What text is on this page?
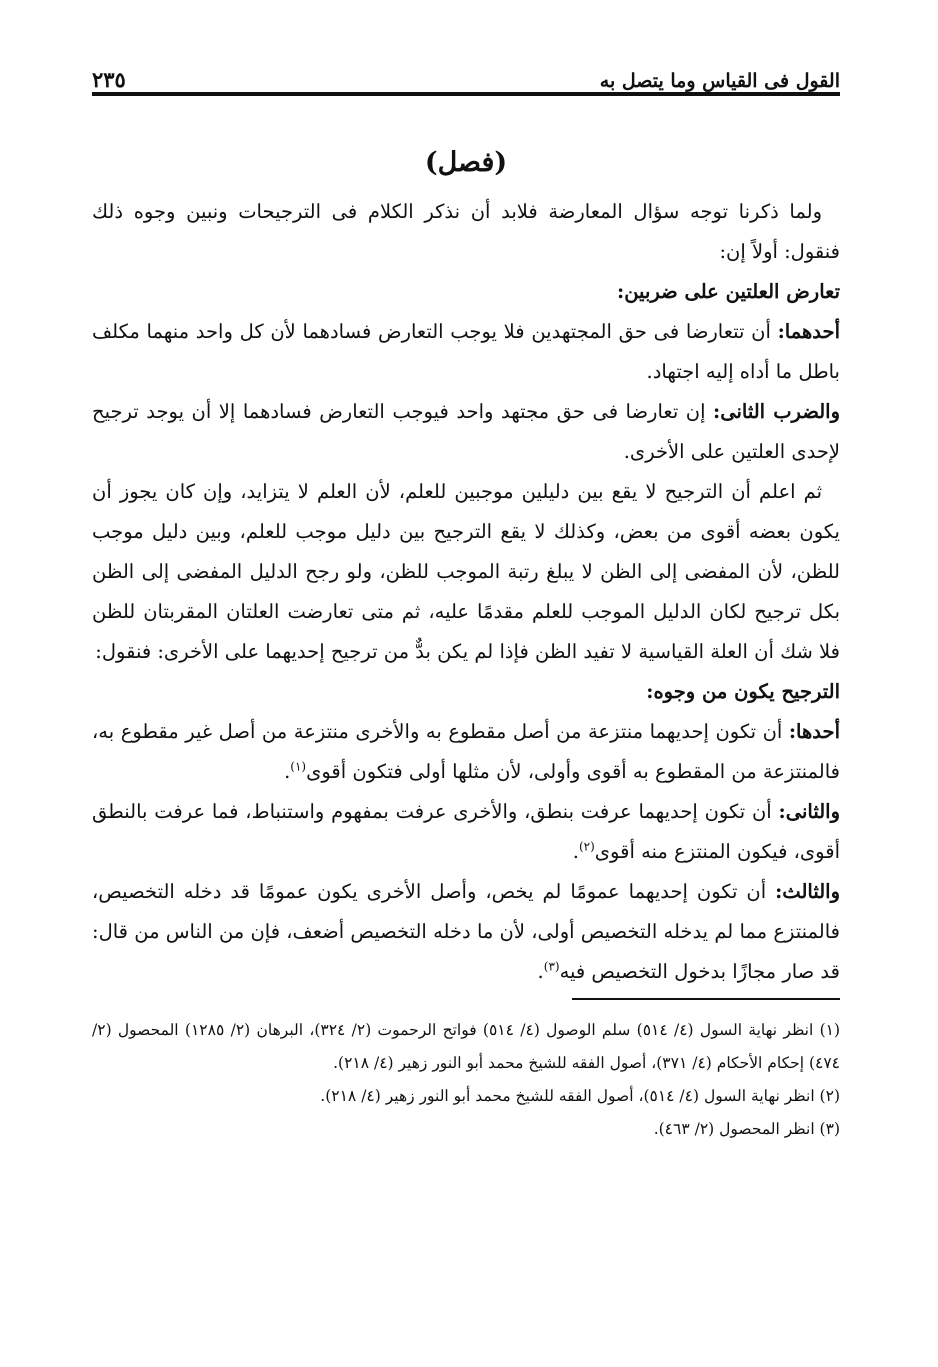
القول فى القياس وما يتصل به
٢٣٥
(فصل)

ولما ذكرنا توجه سؤال المعارضة فلابد أن نذكر الكلام فى الترجيحات ونبين وجوه ذلك فنقول: أولاً إن:

تعارض العلتين على ضربين:

أحدهما: أن تتعارضا فى حق المجتهدين فلا يوجب التعارض فسادهما لأن كل واحد منهما مكلف باطل ما أداه إليه اجتهاد.

والضرب الثانى: إن تعارضا فى حق مجتهد واحد فيوجب التعارض فسادهما إلا أن يوجد ترجيح لإحدى العلتين على الأخرى.

ثم اعلم أن الترجيح لا يقع بين دليلين موجبين للعلم، لأن العلم لا يتزايد، وإن كان يجوز أن يكون بعضه أقوى من بعض، وكذلك لا يقع الترجيح بين دليل موجب للعلم، وبين دليل موجب للظن، لأن المفضى إلى الظن لا يبلغ رتبة الموجب للظن، ولو رجح الدليل المفضى إلى الظن بكل ترجيح لكان الدليل الموجب للعلم مقدمًا عليه، ثم متى تعارضت العلتان المقربتان للظن فلا شك أن العلة القياسية لا تفيد الظن فإذا لم يكن بدٌّ من ترجيح إحديهما على الأخرى: فنقول:

الترجيح يكون من وجوه:

أحدها: أن تكون إحديهما منتزعة من أصل مقطوع به والأخرى منتزعة من أصل غير مقطوع به، فالمنتزعة من المقطوع به أقوى وأولى، لأن مثلها أولى فتكون أقوى$^{(١)}$.

والثانى: أن تكون إحديهما عرفت بنطق، والأخرى عرفت بمفهوم واستنباط، فما عرفت بالنطق أقوى، فيكون المنتزع منه أقوى$^{(٢)}$.

والثالث: أن تكون إحديهما عمومًا لم يخص، وأصل الأخرى يكون عمومًا قد دخله التخصيص، فالمنتزع مما لم يدخله التخصيص أولى، لأن ما دخله التخصيص أضعف، فإن من الناس من قال: قد صار مجازًا بدخول التخصيص فيه$^{(٣)}$.

(١) انظر نهاية السول (٤/ ٥١٤) سلم الوصول (٤/ ٥١٤) فواتح الرحموت (٢/ ٣٢٤)، البرهان (٢/ ١٢٨٥) المحصول (٢/ ٤٧٤) إحكام الأحكام (٤/ ٣٧١)، أصول الفقه للشيخ محمد أبو النور زهير (٤/ ٢١٨).

(٢) انظر نهاية السول (٤/ ٥١٤)، أصول الفقه للشيخ محمد أبو النور زهير (٤/ ٢١٨).

(٣) انظر المحصول (٢/ ٤٦٣).
